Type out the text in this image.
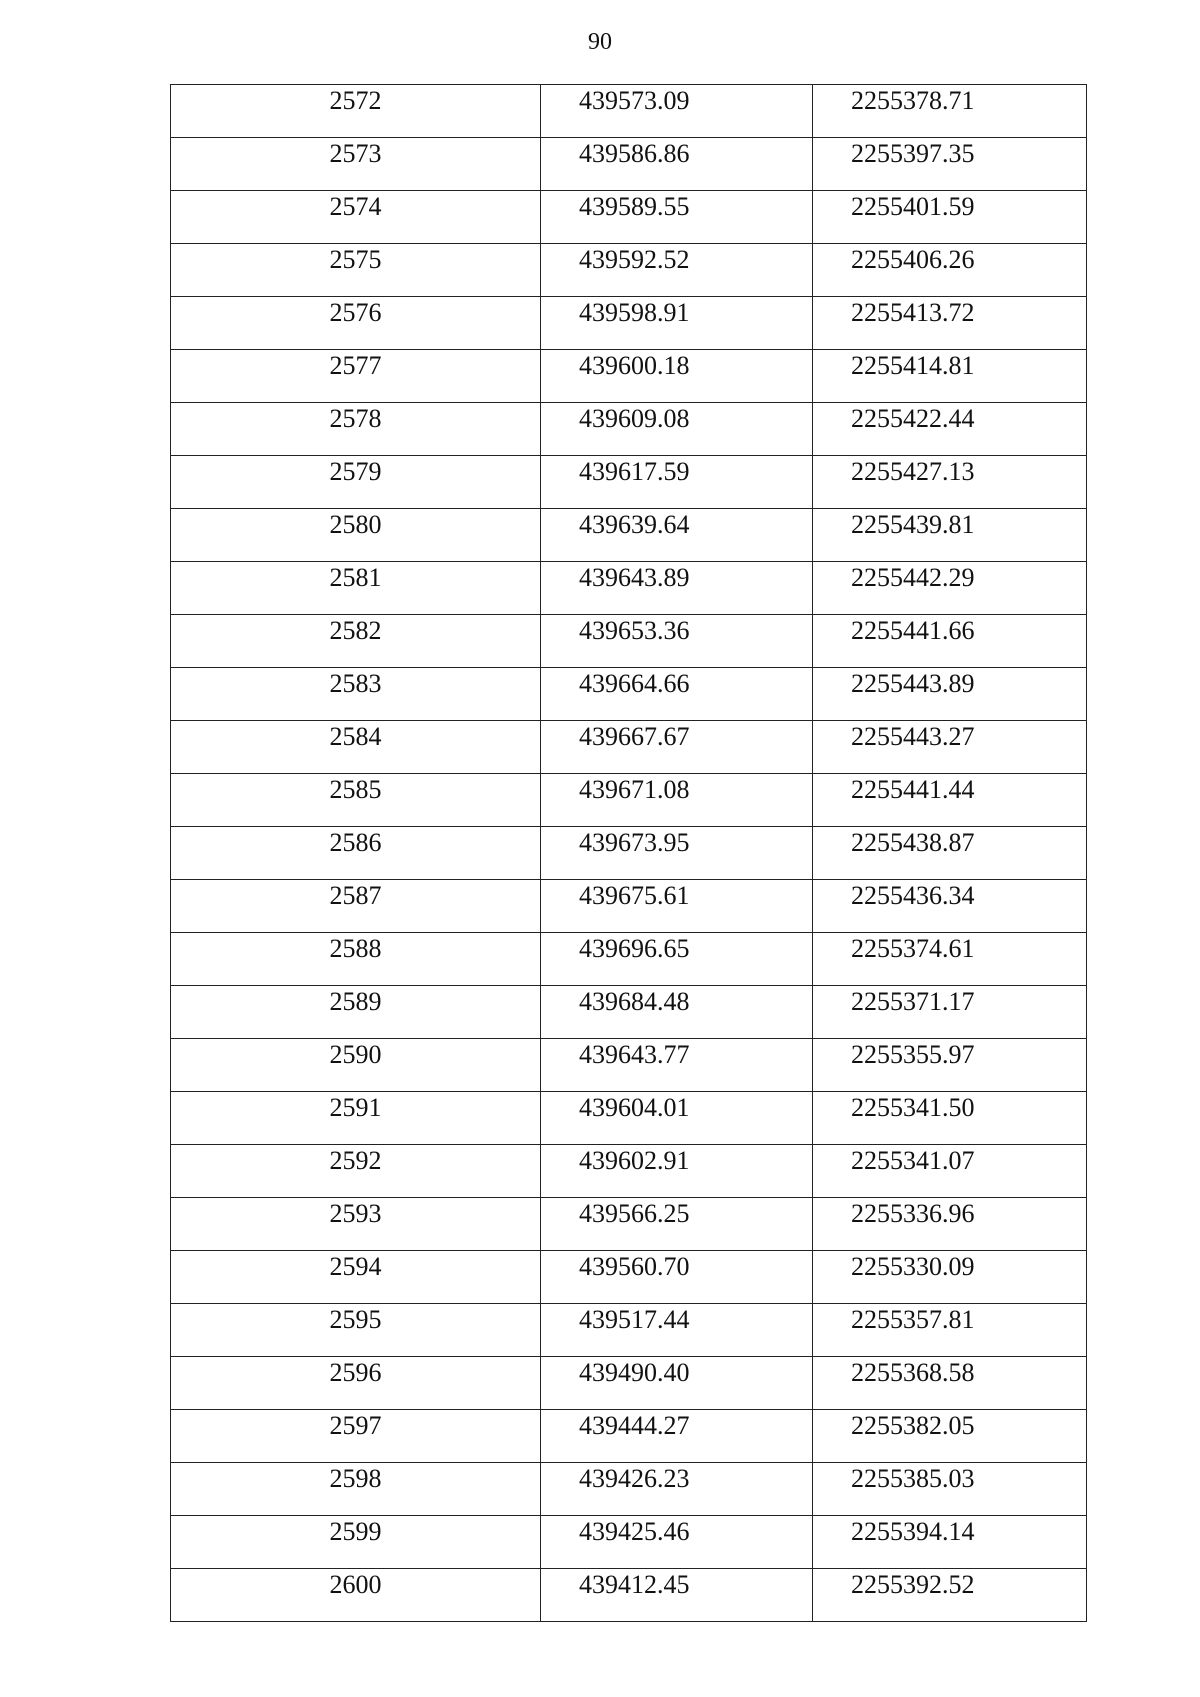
90
2572	439573.09	2255378.71

2573	439586.86	2255397.35

2574	439589.55	2255401.59

2575	439592.52	2255406.26

2576	439598.91	2255413.72

2577	439600.18	2255414.81

2578	439609.08	2255422.44

2579	439617.59	2255427.13

2580	439639.64	2255439.81

2581	439643.89	2255442.29

2582	439653.36	2255441.66

2583	439664.66	2255443.89

2584	439667.67	2255443.27

2585	439671.08	2255441.44

2586	439673.95	2255438.87

2587	439675.61	2255436.34

2588	439696.65	2255374.61

2589	439684.48	2255371.17

2590	439643.77	2255355.97

2591	439604.01	2255341.50

2592	439602.91	2255341.07

2593	439566.25	2255336.96

2594	439560.70	2255330.09

2595	439517.44	2255357.81

2596	439490.40	2255368.58

2597	439444.27	2255382.05

2598	439426.23	2255385.03

2599	439425.46	2255394.14

2600	439412.45	2255392.52
